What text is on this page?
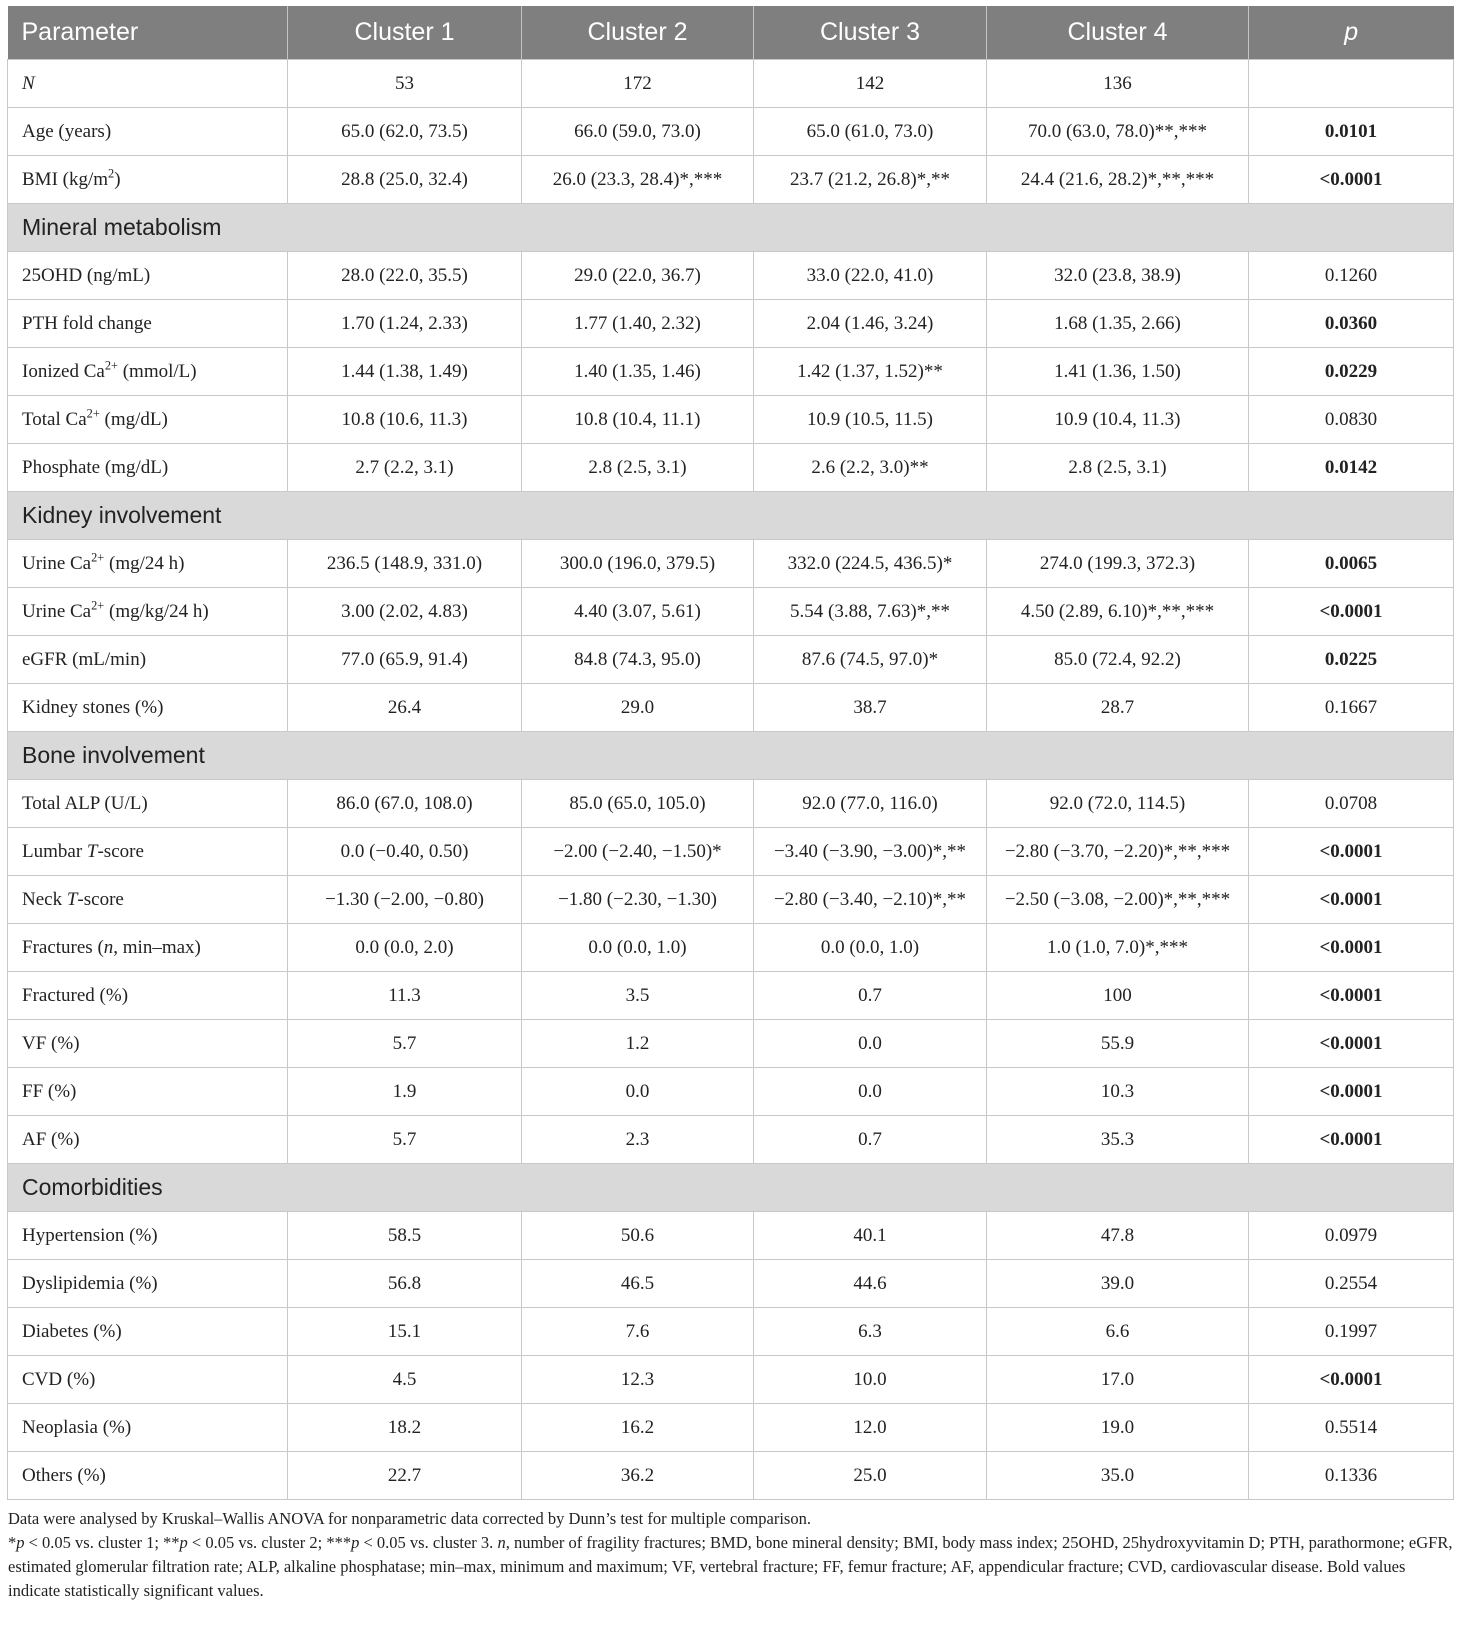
Parameter	Cluster 1	Cluster 2	Cluster 3	Cluster 4	p
N	53	172	142	136	
Age (years)	65.0 (62.0, 73.5)	66.0 (59.0, 73.0)	65.0 (61.0, 73.0)	70.0 (63.0, 78.0)**,***	0.0101
BMI $(kg/m^2)$	28.8 (25.0, 32.4)	26.0 (23.3, 28.4)*,***	23.7 (21.2, 26.8)*,**	24.4 (21.6, 28.2)*,**,***	<0.0001
Mineral metabolism					
25OHD (ng/mL)	28.0 (22.0, 35.5)	29.0 (22.0, 36.7)	33.0 (22.0, 41.0)	32.0 (23.8, 38.9)	0.1260
PTH fold change	1.70 (1.24, 2.33)	1.77 (1.40, 2.32)	2.04 (1.46, 3.24)	1.68 (1.35, 2.66)	0.0360
Ionized $Ca^{2+}$ (mmol/L)	1.44 (1.38, 1.49)	1.40 (1.35, 1.46)	1.42 (1.37, 1.52)**	1.41 (1.36, 1.50)	0.0229
Total $Ca^{2+}$ (mg/dL)	10.8 (10.6, 11.3)	10.8 (10.4, 11.1)	10.9 (10.5, 11.5)	10.9 (10.4, 11.3)	0.0830
Phosphate (mg/dL)	2.7 (2.2, 3.1)	2.8 (2.5, 3.1)	2.6 (2.2, 3.0)**	2.8 (2.5, 3.1)	0.0142
Kidney involvement					
Urine $Ca^{2+}$ (mg/24 h)	236.5 (148.9, 331.0)	300.0 (196.0, 379.5)	332.0 (224.5, 436.5)*	274.0 (199.3, 372.3)	0.0065
Urine $Ca^{2+}$ (mg/kg/24 h)	3.00 (2.02, 4.83)	4.40 (3.07, 5.61)	5.54 (3.88, 7.63)*,**	4.50 (2.89, 6.10)*,**,***	<0.0001
eGFR (mL/min)	77.0 (65.9, 91.4)	84.8 (74.3, 95.0)	87.6 (74.5, 97.0)*	85.0 (72.4, 92.2)	0.0225
Kidney stones (%)	26.4	29.0	38.7	28.7	0.1667
Bone involvement					
Total ALP (U/L)	86.0 (67.0, 108.0)	85.0 (65.0, 105.0)	92.0 (77.0, 116.0)	92.0 (72.0, 114.5)	0.0708
Lumbar T-score	0.0 (−0.40, 0.50)	−2.00 (−2.40, −1.50)*	−3.40 (−3.90, −3.00)*,**	−2.80 (−3.70, −2.20)*,**,***	<0.0001
Neck T-score	−1.30 (−2.00, −0.80)	−1.80 (−2.30, −1.30)	−2.80 (−3.40, −2.10)*,**	−2.50 (−3.08, −2.00)*,**,***	<0.0001
Fractures (n, min–max)	0.0 (0.0, 2.0)	0.0 (0.0, 1.0)	0.0 (0.0, 1.0)	1.0 (1.0, 7.0)*,***	<0.0001
Fractured (%)	11.3	3.5	0.7	100	<0.0001
VF (%)	5.7	1.2	0.0	55.9	<0.0001
FF (%)	1.9	0.0	0.0	10.3	<0.0001
AF (%)	5.7	2.3	0.7	35.3	<0.0001
Comorbidities					
Hypertension (%)	58.5	50.6	40.1	47.8	0.0979
Dyslipidemia (%)	56.8	46.5	44.6	39.0	0.2554
Diabetes (%)	15.1	7.6	6.3	6.6	0.1997
CVD (%)	4.5	12.3	10.0	17.0	<0.0001
Neoplasia (%)	18.2	16.2	12.0	19.0	0.5514
Others (%)	22.7	36.2	25.0	35.0	0.1336

Data were analysed by Kruskal–Wallis ANOVA for nonparametric data corrected by Dunn’s test for multiple comparison.

*p < 0.05 vs. cluster 1; **p < 0.05 vs. cluster 2; ***p < 0.05 vs. cluster 3. n, number of fragility fractures; BMD, bone mineral density; BMI, body mass index; 25OHD, 25hydroxyvitamin D; PTH, parathormone; eGFR, estimated glomerular filtration rate; ALP, alkaline phosphatase; min–max, minimum and maximum; VF, vertebral fracture; FF, femur fracture; AF, appendicular fracture; CVD, cardiovascular disease. Bold values indicate statistically significant values.
